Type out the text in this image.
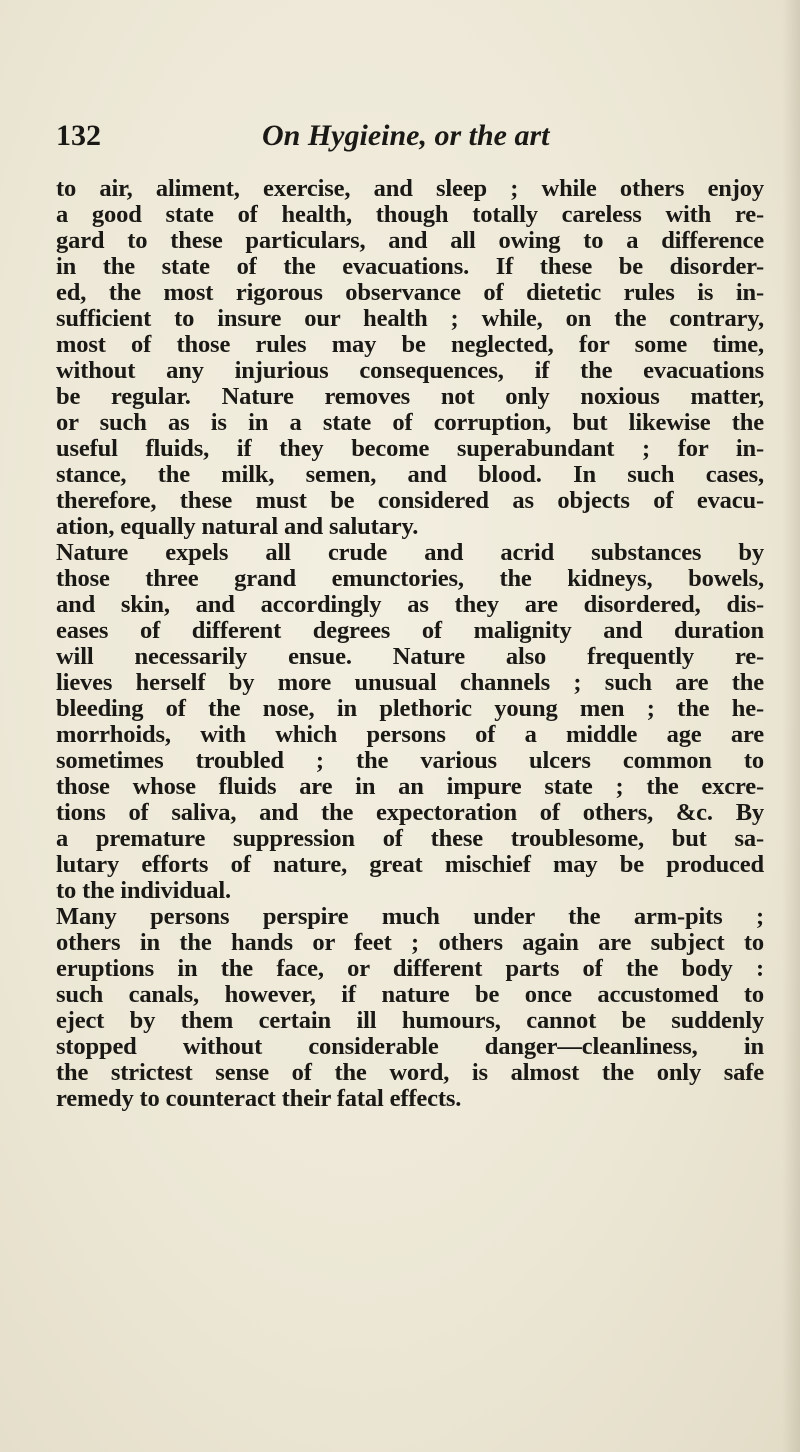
132	On Hygieine, or the art
to air, aliment, exercise, and sleep ; while others enjoy
a good state of health, though totally careless with re-
gard to these particulars, and all owing to a difference
in the state of the evacuations. If these be disorder-
ed, the most rigorous observance of dietetic rules is in-
sufficient to insure our health ; while, on the contrary,
most of those rules may be neglected, for some time,
without any injurious consequences, if the evacuations
be regular. Nature removes not only noxious matter,
or such as is in a state of corruption, but likewise the
useful fluids, if they become superabundant ; for in-
stance, the milk, semen, and blood. In such cases,
therefore, these must be considered as objects of evacu-
ation, equally natural and salutary.
Nature expels all crude and acrid substances by
those three grand emunctories, the kidneys, bowels,
and skin, and accordingly as they are disordered, dis-
eases of different degrees of malignity and duration
will necessarily ensue. Nature also frequently re-
lieves herself by more unusual channels ; such are the
bleeding of the nose, in plethoric young men ; the he-
morrhoids, with which persons of a middle age are
sometimes troubled ; the various ulcers common to
those whose fluids are in an impure state ; the excre-
tions of saliva, and the expectoration of others, &c. By
a premature suppression of these troublesome, but sa-
lutary efforts of nature, great mischief may be produced
to the individual.
Many persons perspire much under the arm-pits ;
others in the hands or feet ; others again are subject to
eruptions in the face, or different parts of the body :
such canals, however, if nature be once accustomed to
eject by them certain ill humours, cannot be suddenly
stopped without considerable danger—cleanliness, in
the strictest sense of the word, is almost the only safe
remedy to counteract their fatal effects.
